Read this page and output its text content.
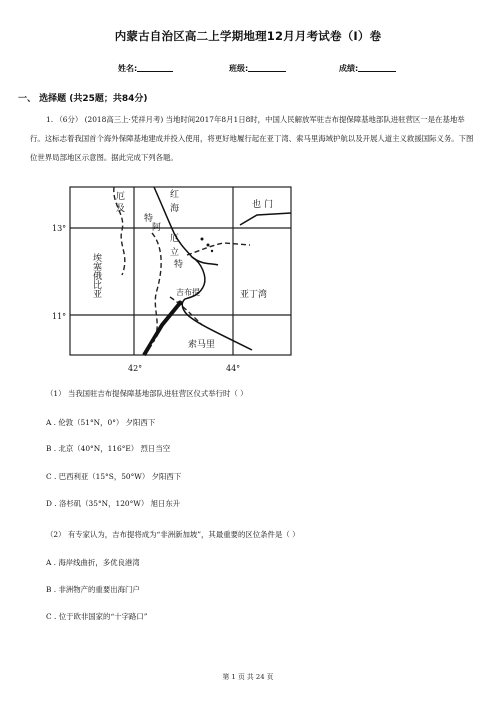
内蒙古自治区高二上学期地理12月月考试卷（I）卷
姓名:	班级:	成绩:
一、 选择题 (共25题；共84分)
1. （6分） (2018高三上·凭祥月考) 当地时间2017年8月1日8时，中国人民解放军驻吉布提保障基地部队进驻营区一是在基地举行。这标志着我国首个海外保障基地建成并投入使用，将更好地履行起在亚丁湾、索马里海域护航以及开展人道主义救援国际义务。下图位世界局部地区示意图。据此完成下列各题。
厄
及
红
海
特
阿
厄
立
特
也 门
吉布提
索马里
亚丁湾
13°
11°
42°	44°
埃塞俄比亚
（1） 当我国驻吉布提保障基地部队进驻营区仪式举行时（ ）
A . 伦敦（51°N，0°） 夕阳西下
B . 北京（40°N，116°E） 烈日当空
C . 巴西利亚（15°S，50°W） 夕阳西下
D . 洛杉矶（35°N，120°W） 旭日东升
（2） 有专家认为，吉布提将成为“非洲新加坡”，其最重要的区位条件是（ ）
A . 海岸线曲折，多优良港湾
B . 非洲物产的重要出海门户
C . 位于欧非国家的“十字路口”
第 1 页 共 24 页
